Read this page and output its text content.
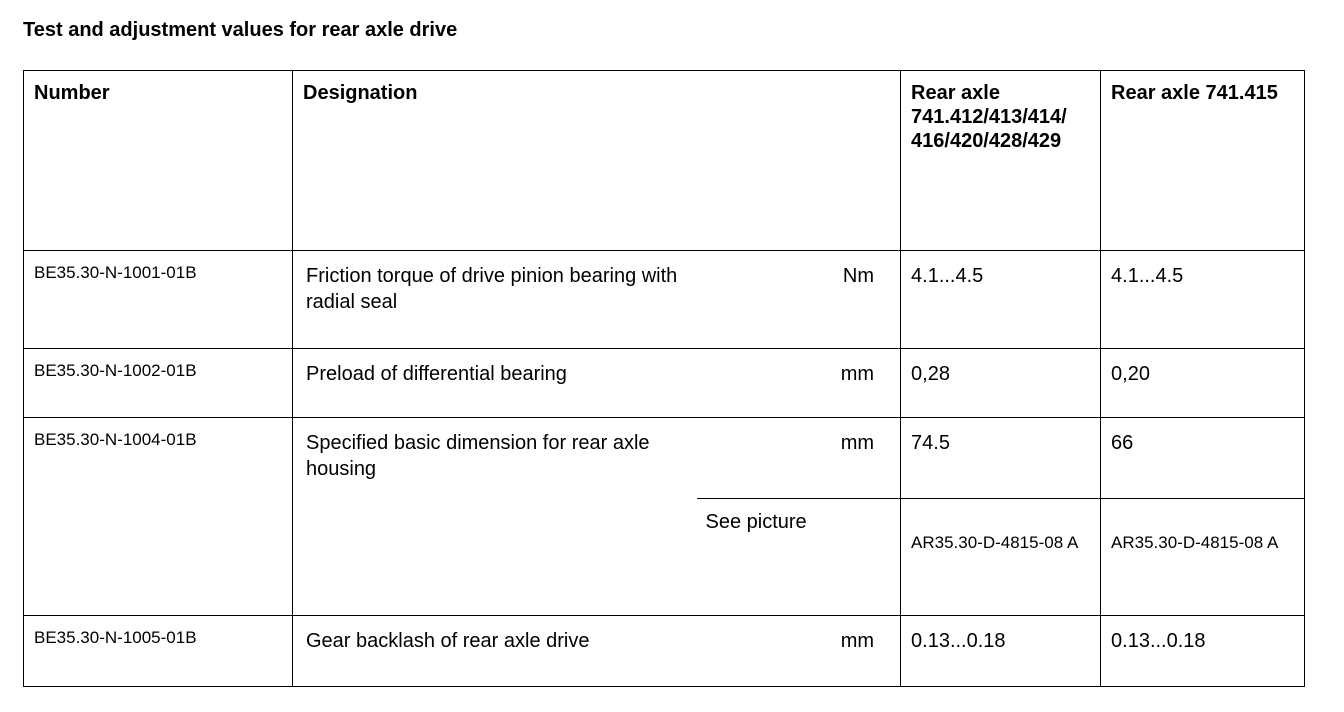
Test and adjustment values for rear axle drive
Number	Designation		Rear axle 741.412/413/414/ 416/420/428/429	Rear axle 741.415
BE35.30-N-1001-01B	Friction torque of drive pinion bearing with radial seal	Nm	4.1...4.5	4.1...4.5
BE35.30-N-1002-01B	Preload of differential bearing	mm	0,28	0,20
BE35.30-N-1004-01B	Specified basic dimension for rear axle housing	mm	74.5	66
		See picture	AR35.30-D-4815-08 A	AR35.30-D-4815-08 A
BE35.30-N-1005-01B	Gear backlash of rear axle drive	mm	0.13...0.18	0.13...0.18
